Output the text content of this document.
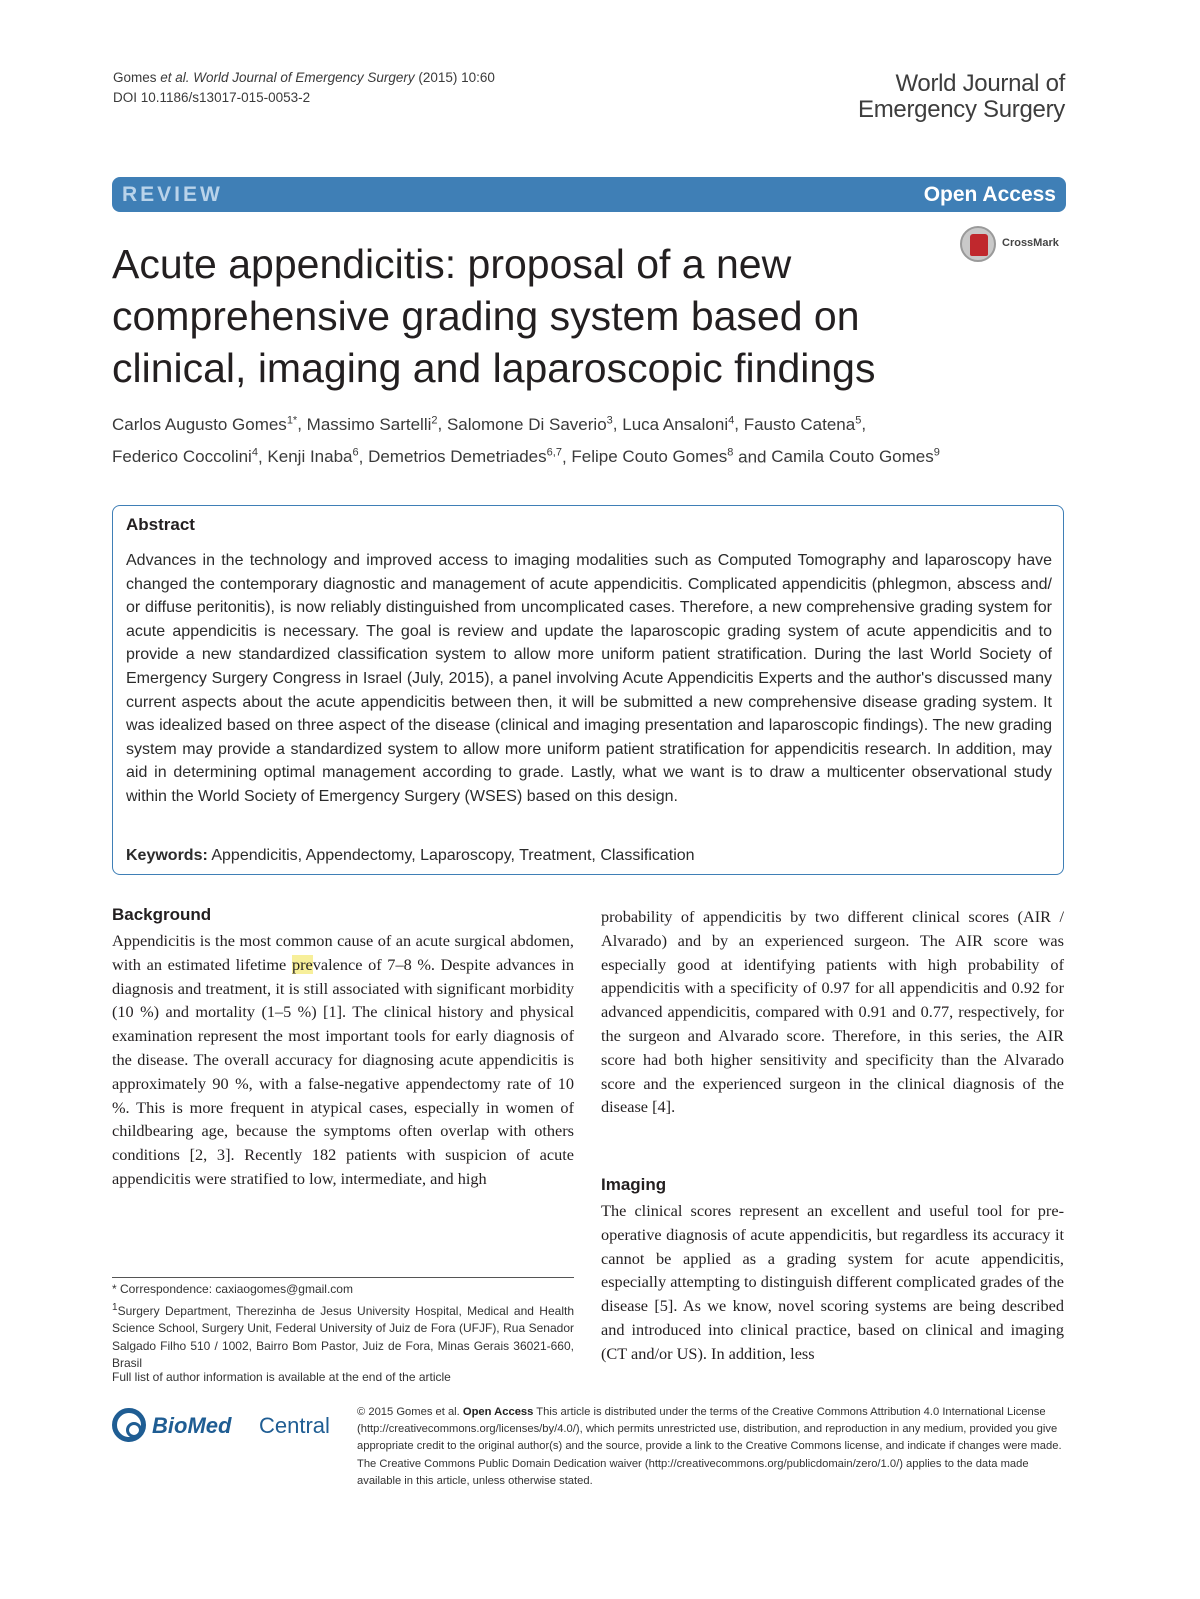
Gomes et al. World Journal of Emergency Surgery (2015) 10:60
DOI 10.1186/s13017-015-0053-2
World Journal of
Emergency Surgery
REVIEW	Open Access
CrossMark
Acute appendicitis: proposal of a new comprehensive grading system based on clinical, imaging and laparoscopic findings
Carlos Augusto Gomes$^{1*}$, Massimo Sartelli$^2$, Salomone Di Saverio$^3$, Luca Ansaloni$^4$, Fausto Catena$^5$,
Federico Coccolini$^4$, Kenji Inaba$^6$, Demetrios Demetriades$^{6,7}$, Felipe Couto Gomes$^8$ and Camila Couto Gomes$^9$
Abstract
Advances in the technology and improved access to imaging modalities such as Computed Tomography and laparoscopy have changed the contemporary diagnostic and management of acute appendicitis. Complicated appendicitis (phlegmon, abscess and/ or diffuse peritonitis), is now reliably distinguished from uncomplicated cases. Therefore, a new comprehensive grading system for acute appendicitis is necessary. The goal is review and update the laparoscopic grading system of acute appendicitis and to provide a new standardized classification system to allow more uniform patient stratification. During the last World Society of Emergency Surgery Congress in Israel (July, 2015), a panel involving Acute Appendicitis Experts and the author's discussed many current aspects about the acute appendicitis between then, it will be submitted a new comprehensive disease grading system. It was idealized based on three aspect of the disease (clinical and imaging presentation and laparoscopic findings). The new grading system may provide a standardized system to allow more uniform patient stratification for appendicitis research. In addition, may aid in determining optimal management according to grade. Lastly, what we want is to draw a multicenter observational study within the World Society of Emergency Surgery (WSES) based on this design.
Keywords: Appendicitis, Appendectomy, Laparoscopy, Treatment, Classification
Background
Appendicitis is the most common cause of an acute surgical abdomen, with an estimated lifetime prevalence of 7–8 %. Despite advances in diagnosis and treatment, it is still associated with significant morbidity (10 %) and mortality (1–5 %) [1]. The clinical history and physical examination represent the most important tools for early diagnosis of the disease. The overall accuracy for diagnosing acute appendicitis is approximately 90 %, with a false-negative appendectomy rate of 10 %. This is more frequent in atypical cases, especially in women of childbearing age, because the symptoms often overlap with others conditions [2, 3]. Recently 182 patients with suspicion of acute appendicitis were stratified to low, intermediate, and high
* Correspondence: caxiaogomes@gmail.com
$^1$Surgery Department, Therezinha de Jesus University Hospital, Medical and Health Science School, Surgery Unit, Federal University of Juiz de Fora (UFJF), Rua Senador Salgado Filho 510 / 1002, Bairro Bom Pastor, Juiz de Fora, Minas Gerais 36021-660, Brasil
Full list of author information is available at the end of the article
probability of appendicitis by two different clinical scores (AIR / Alvarado) and by an experienced surgeon. The AIR score was especially good at identifying patients with high probability of appendicitis with a specificity of 0.97 for all appendicitis and 0.92 for advanced appendicitis, compared with 0.91 and 0.77, respectively, for the surgeon and Alvarado score. Therefore, in this series, the AIR score had both higher sensitivity and specificity than the Alvarado score and the experienced surgeon in the clinical diagnosis of the disease [4].
Imaging
The clinical scores represent an excellent and useful tool for pre-operative diagnosis of acute appendicitis, but regardless its accuracy it cannot be applied as a grading system for acute appendicitis, especially attempting to distinguish different complicated grades of the disease [5]. As we know, novel scoring systems are being described and introduced into clinical practice, based on clinical and imaging (CT and/or US). In addition, less
BioMed Central
© 2015 Gomes et al. Open Access This article is distributed under the terms of the Creative Commons Attribution 4.0 International License (http://creativecommons.org/licenses/by/4.0/), which permits unrestricted use, distribution, and reproduction in any medium, provided you give appropriate credit to the original author(s) and the source, provide a link to the Creative Commons license, and indicate if changes were made. The Creative Commons Public Domain Dedication waiver (http://creativecommons.org/publicdomain/zero/1.0/) applies to the data made available in this article, unless otherwise stated.
